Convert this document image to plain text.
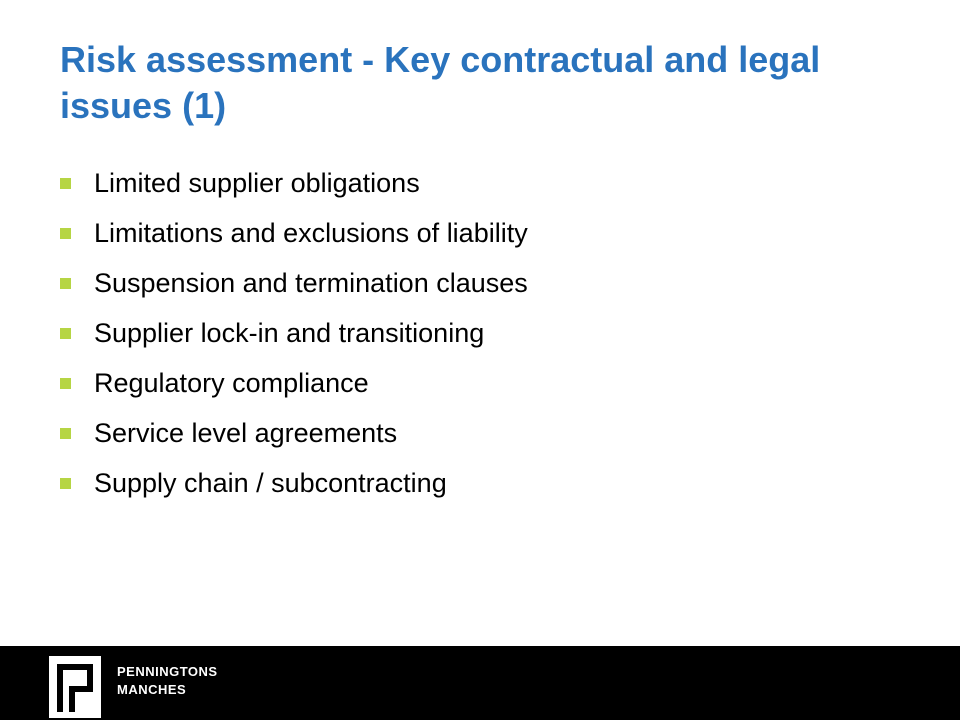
Risk assessment - Key contractual and legal issues (1)
Limited supplier obligations
Limitations and exclusions of liability
Suspension and termination clauses
Supplier lock-in and transitioning
Regulatory compliance
Service level agreements
Supply chain / subcontracting
PENNINGTONS
MANCHES
